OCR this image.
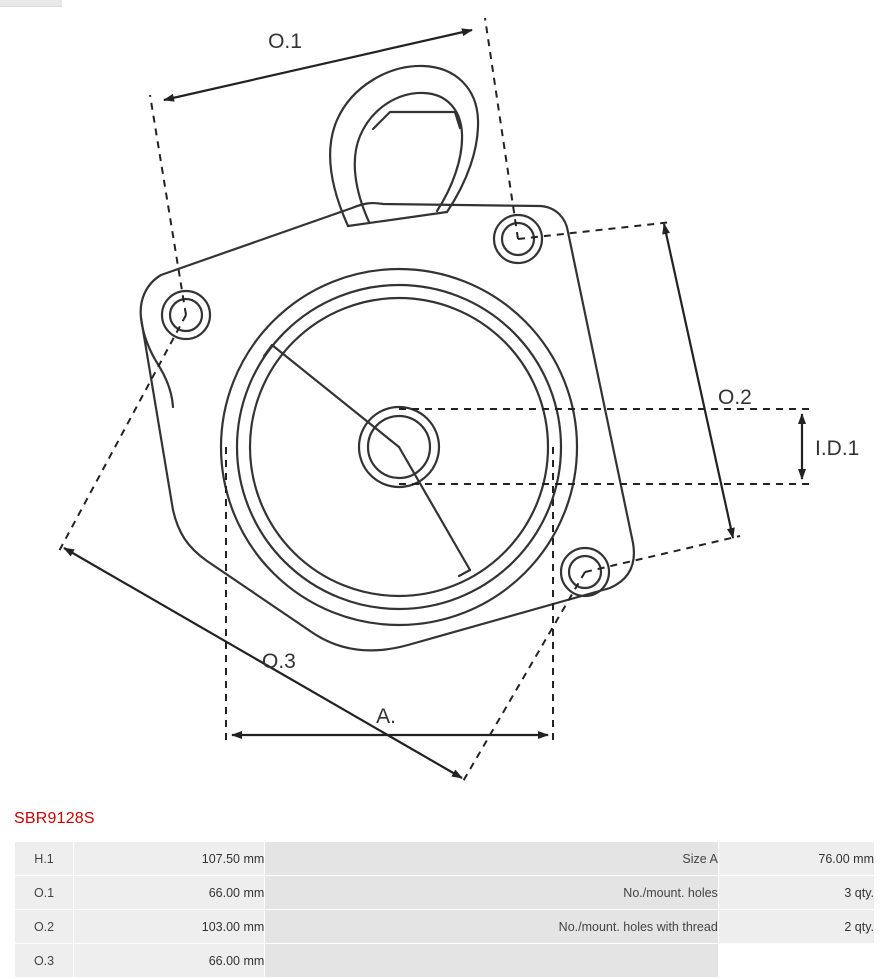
O.1
O.2
O.3
I.D.1
A.
SBR9128S
H.1	107.50 mm	Size A	76.00 mm
O.1	66.00 mm	No./mount. holes	3 qty.
O.2	103.00 mm	No./mount. holes with thread	2 qty.
O.3	66.00 mm		
